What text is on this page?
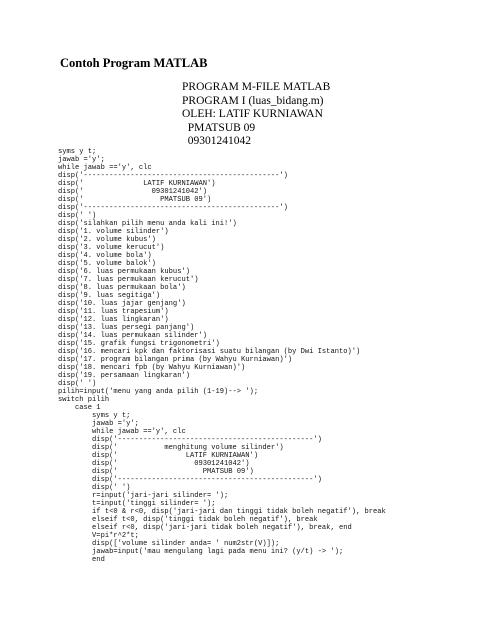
Contoh Program MATLAB
PROGRAM M-FILE MATLAB
PROGRAM I (luas_bidang.m)
OLEH: LATIF KURNIAWAN
PMATSUB 09
09301241042
syms y t;
jawab ='y';
while jawab =='y', clc
disp('----------------------------------------------')
disp('              LATIF KURNIAWAN')
disp('                09301241042')
disp('                  PMATSUB 09')
disp('----------------------------------------------')
disp(' ')
disp('silahkan pilih menu anda kali ini!')
disp('1. volume silinder')
disp('2. volume kubus')
disp('3. volume kerucut')
disp('4. volume bola')
disp('5. volume balok')
disp('6. luas permukaan kubus')
disp('7. luas permukaan kerucut')
disp('8. luas permukaan bola')
disp('9. luas segitiga')
disp('10. luas jajar genjang')
disp('11. luas trapesium')
disp('12. luas lingkaran')
disp('13. luas persegi panjang')
disp('14. luas permukaan silinder')
disp('15. grafik fungsi trigonometri')
disp('16. mencari kpk dan faktorisasi suatu bilangan (by Dwi Istanto)')
disp('17. program bilangan prima (by Wahyu Kurniawan)')
disp('18. mencari fpb (by Wahyu Kurniawan)')
disp('19. persamaan lingkaran')
disp(' ')
pilih=input('menu yang anda pilih (1-19)--> ');
switch pilih
case 1
syms y t;
jawab ='y';
while jawab =='y', clc
disp('----------------------------------------------')
disp('           menghitung volume silinder')
disp('                LATIF KURNIAWAN')
disp('                  09301241042')
disp('                    PMATSUB 09')
disp('----------------------------------------------')
disp(' ')
r=input('jari-jari silinder= ');
t=input('tinggi silinder= ');
if t<0 & r<0, disp('jari-jari dan tinggi tidak boleh negatif'), break
elseif t<0, disp('tinggi tidak boleh negatif'), break
elseif r<0, disp('jari-jari tidak boleh negatif'), break, end
V=pi*r^2*t;
disp(['volume silinder anda= ' num2str(V)]);
jawab=input('mau mengulang lagi pada menu ini? (y/t) -> ');
end
